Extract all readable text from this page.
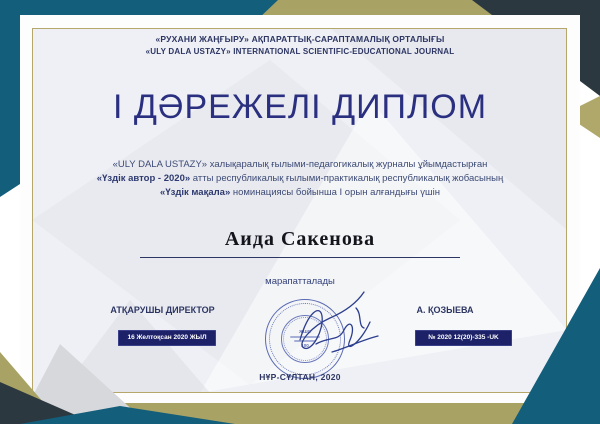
«РУХАНИ ЖАҢҒЫРУ» АҚПАРАТТЫҚ-САРАПТАМАЛЫҚ ОРТАЛЫҒЫ
«ULY DALA USTAZY» INTERNATIONAL SCIENTIFIC-EDUCATIONAL JOURNAL
І ДӘРЕЖЕЛІ ДИПЛОМ
«ULY DALA USTAZY» халықаралық ғылыми-педагогикалық журналы ұйымдастырған
«Үздік автор - 2020» атты республикалық ғылыми-практикалық республикалық жобасының
«Үздік мақала» номинациясы бойынша І орын алғандығы үшін
Аида Сакенова
марапатталады
АТҚАРУШЫ ДИРЕКТОР
16 Желтоқсан 2020 ЖЫЛ
А. ҚОЗЫЕВА
№ 2020 12(20)-335 -UK
ЖШС
100
НҰР-СҰЛТАН, 2020
